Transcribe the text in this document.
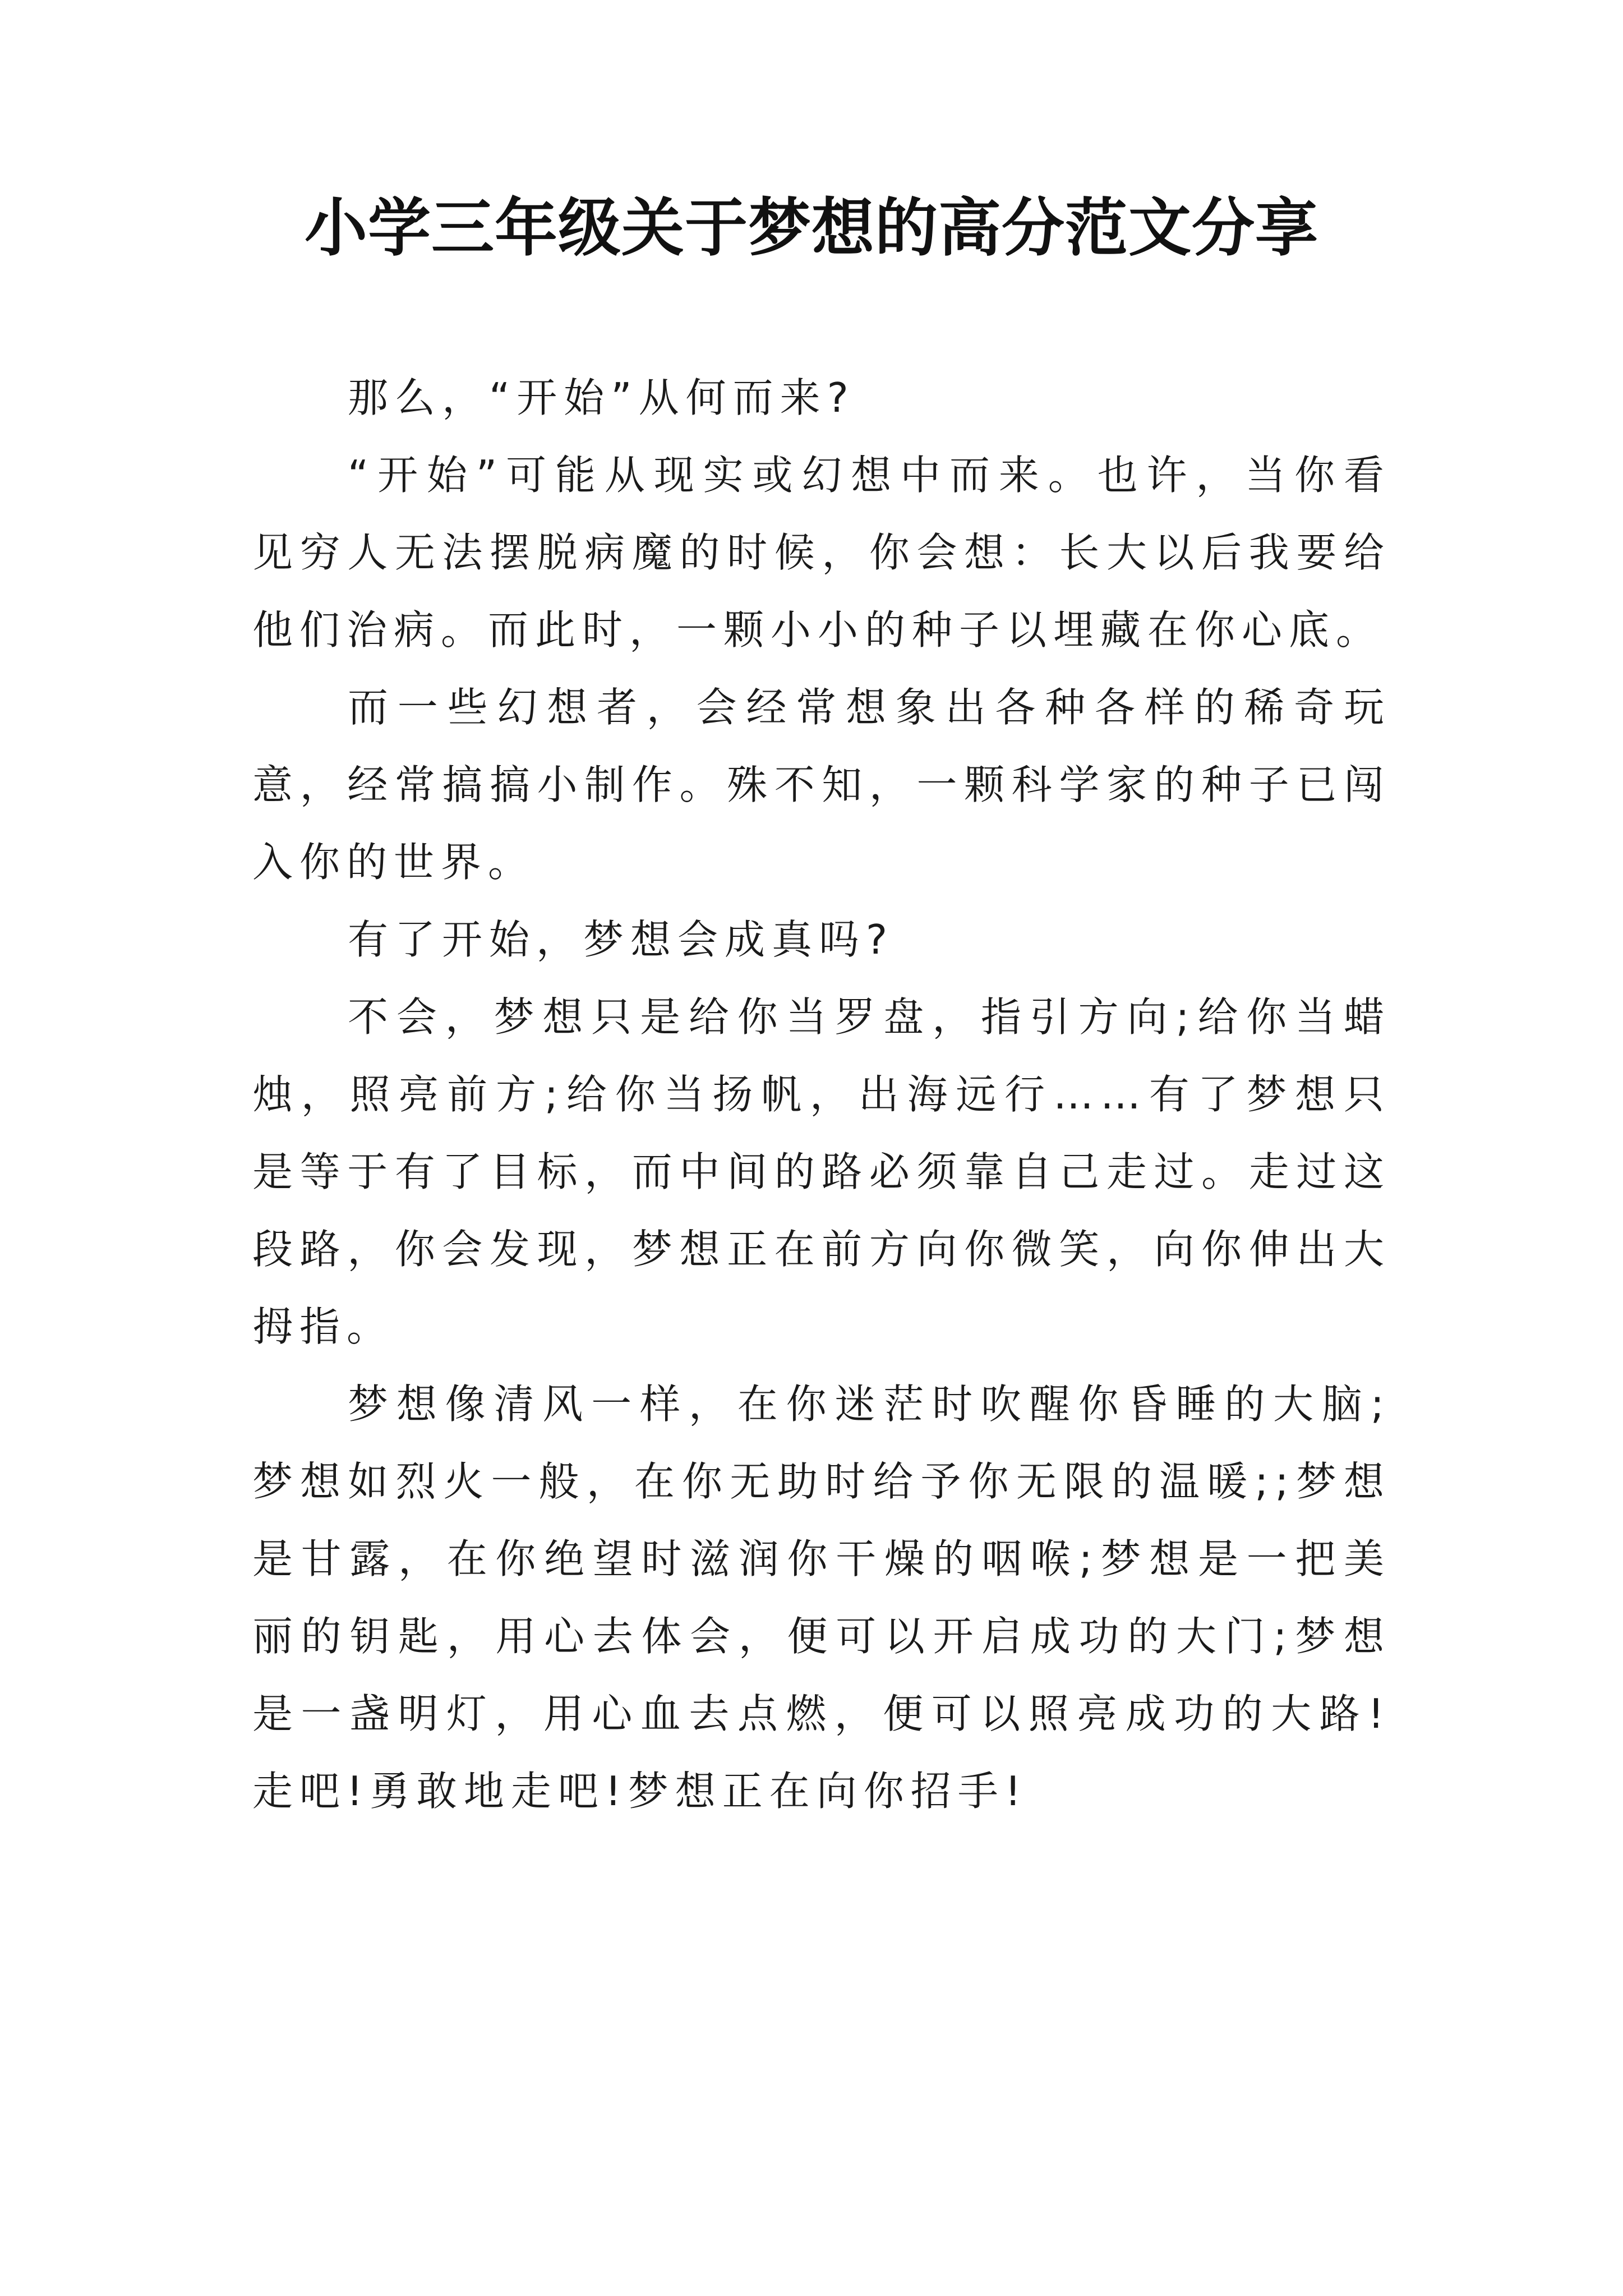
小学三年级关于梦想的高分范文分享

那么，“开始”从何而来?

“开始”可能从现实或幻想中而来。也许，当你看见穷人无法摆脱病魔的时候，你会想：长大以后我要给他们治病。而此时，一颗小小的种子以埋藏在你心底。

而一些幻想者，会经常想象出各种各样的稀奇玩意，经常搞搞小制作。殊不知，一颗科学家的种子已闯入你的世界。

有了开始，梦想会成真吗?

不会，梦想只是给你当罗盘，指引方向;给你当蜡烛，照亮前方;给你当扬帆，出海远行……有了梦想只是等于有了目标，而中间的路必须靠自己走过。走过这段路，你会发现，梦想正在前方向你微笑，向你伸出大拇指。

梦想像清风一样，在你迷茫时吹醒你昏睡的大脑;梦想如烈火一般，在你无助时给予你无限的温暖;;梦想是甘露，在你绝望时滋润你干燥的咽喉;梦想是一把美丽的钥匙，用心去体会，便可以开启成功的大门;梦想是一盏明灯，用心血去点燃，便可以照亮成功的大路!走吧!勇敢地走吧!梦想正在向你招手!
